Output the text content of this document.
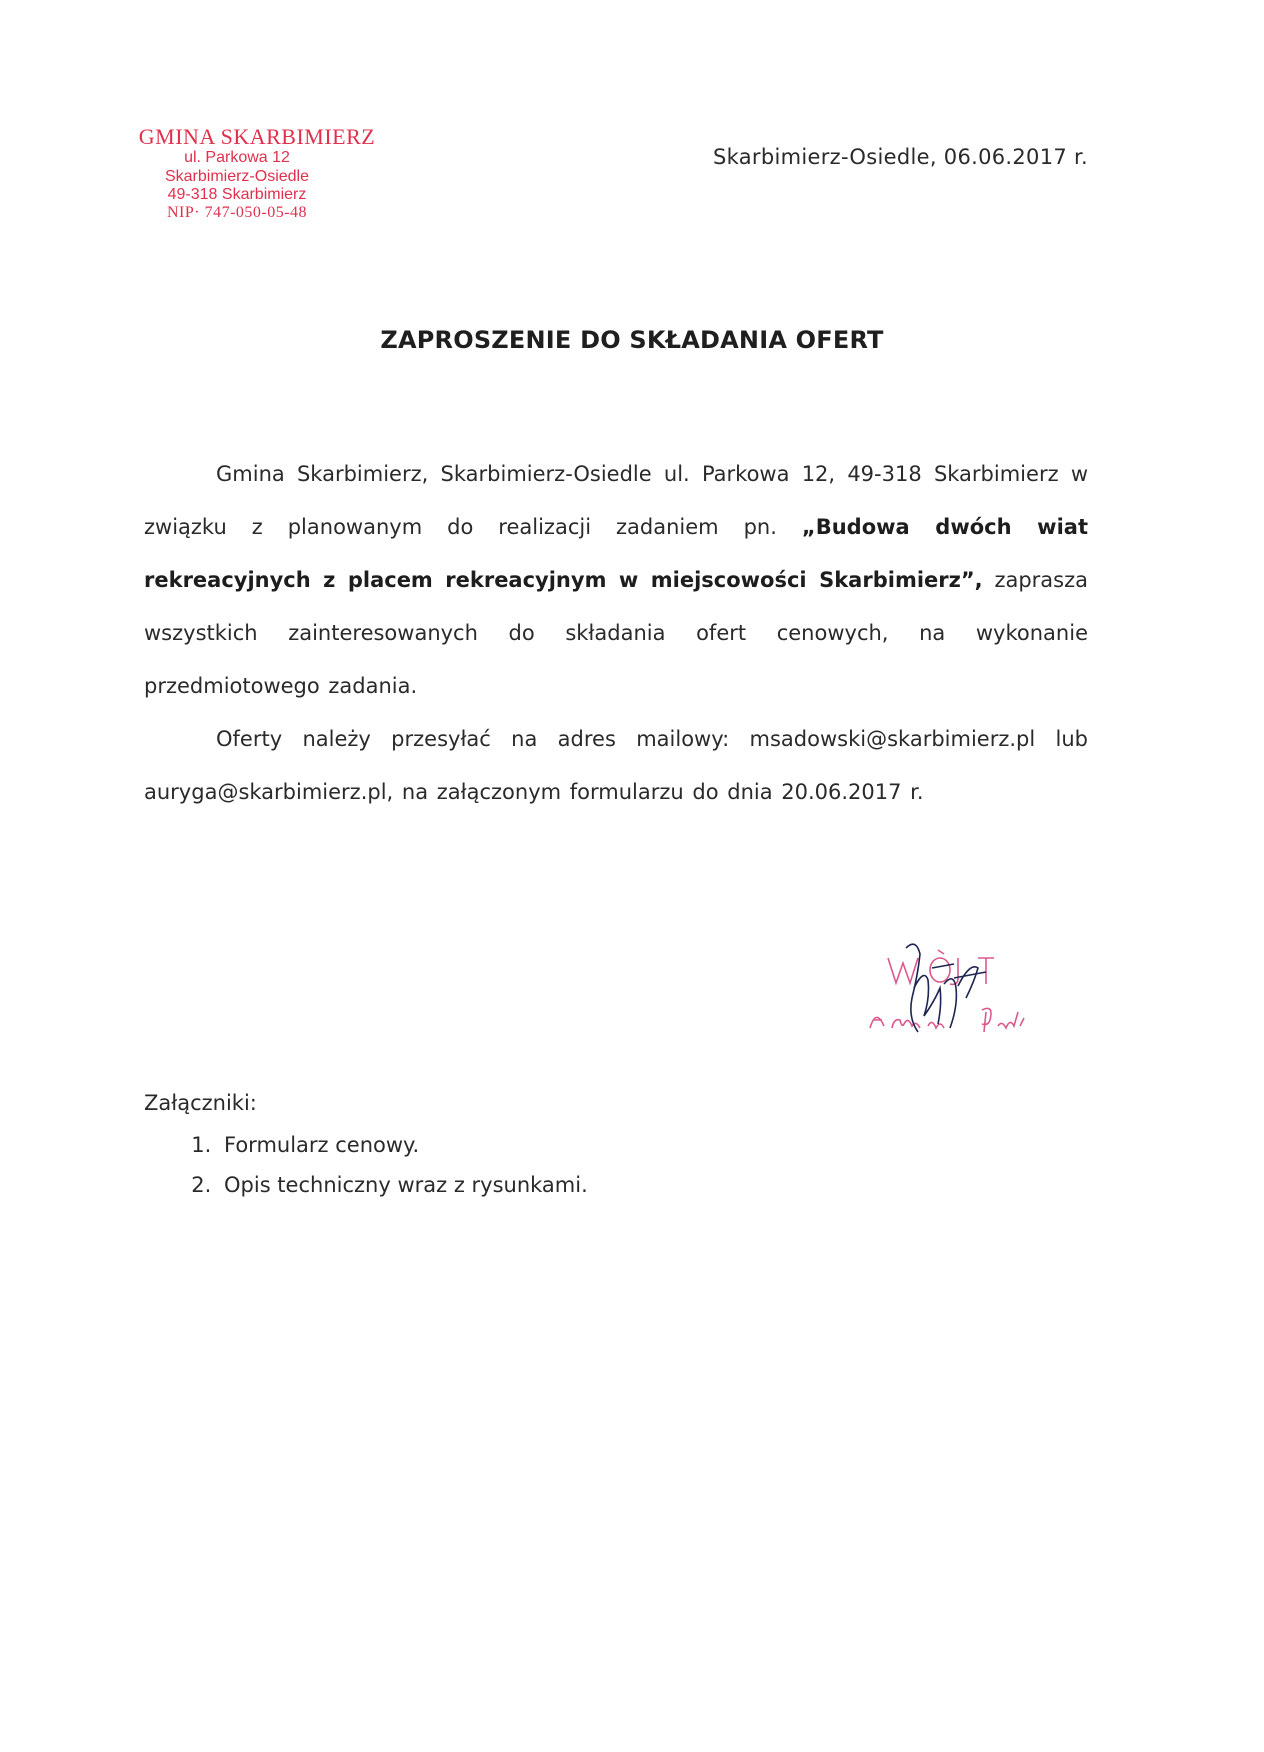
GMINA SKARBIMIERZ
ul. Parkowa 12
Skarbimierz-Osiedle
49-318 Skarbimierz
NIP· 747-050-05-48
Skarbimierz-Osiedle, 06.06.2017 r.
ZAPROSZENIE DO SKŁADANIA OFERT

Gmina Skarbimierz, Skarbimierz-Osiedle ul. Parkowa 12, 49-318 Skarbimierz w związku z planowanym do realizacji zadaniem pn. „Budowa dwóch wiat rekreacyjnych z placem rekreacyjnym w miejscowości Skarbimierz”, zaprasza wszystkich zainteresowanych do składania ofert cenowych, na wykonanie przedmiotowego zadania.

Oferty należy przesyłać na adres mailowy: msadowski@skarbimierz.pl lub auryga@skarbimierz.pl, na załączonym formularzu do dnia 20.06.2017 r.

Załączniki:
1. Formularz cenowy.
2. Opis techniczny wraz z rysunkami.
